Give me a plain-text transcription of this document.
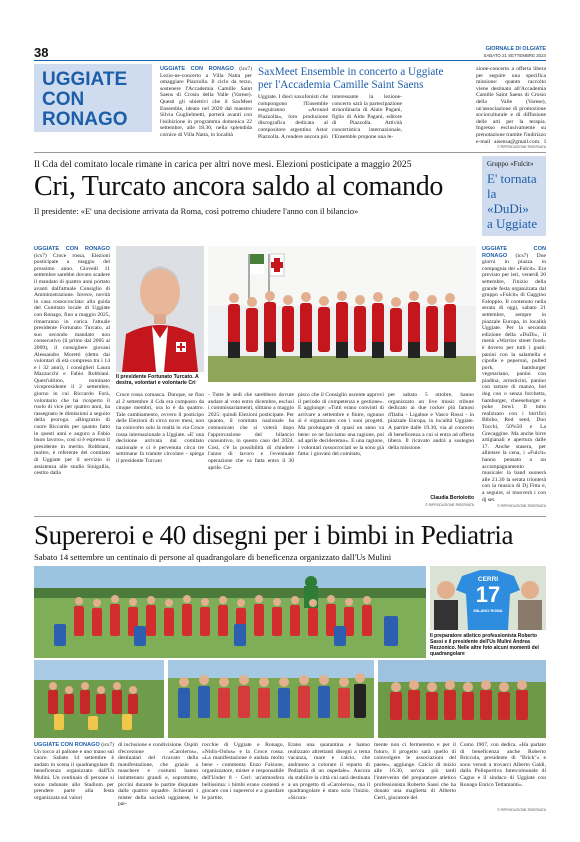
38	GIORNALE DI OLGIATE
SABATO 21 SETTEMBRE 2024
UGGIATE
CON
RONAGO
UGGIATE CON RONAGO (ics7) Lezio-ne-concerto a Villa Natta per omaggiare Piazzolla. Il ciclo da terzo, sostenere l'Accademia Camille Saint Saens di Crosio della Valle (Varese). Questi gli obiettivi che il SaxMeet Ensemble, ideato nel 2020 dal maestro Silvia Guglielmetti, porterà avanti con l'esibizione in programma domenica 22 settembre, alle 18.30, nella splendida cornice di Villa Natta, in località
SaxMeet Ensemble in concerto a Uggiate
per l'Accademia Camille Saint Saens
Uggiate. I dieci saxofonisti che compongono l'Ensemble eseguiranno «Around Piazzolla», loro produzione discografica dedicata al compositore argentino Astor Piazzolla. A rendere ancora più
interessante la lezione-concerto sarà la partecipazione straordinaria di Alain Pagani, figlio di Aldo Pagani, editore di Piazzolla. Attività concertistica internazionale, l'Ensemble propone una le-
zione-concerto a offerta libera per seguire una specifica missione: quanto raccolto viene destinato all'Accademia Camille Saint Saens di Crosio della Valle (Varese), un'associazione di promozione socioculturale e di diffusione delle arti per la terapia. Ingresso esclusivamente su prenotazione tramite l'indirizzo e-mail aisensa@gmail.com. I
© RIPRODUZIONE RISERVATA
Il Cda del comitato locale rimane in carica per altri nove mesi. Elezioni posticipate a maggio 2025
Cri, Turcato ancora saldo al comando
Il presidente: «E' una decisione arrivata da Roma, così potremo chiudere l'anno con il bilancio»
UGGIATE CON RONAGO (ics7) Croce rossa, Elezioni posticipate a maggio del prossimo anno. Giovedì 11 settembre sarebbe dovuto scadere il mandato di quattro anni portato avanti dall'attuale Consiglio di Amministrazione. Invece, novità in casa rossocrociata: alla guida del Comitato locale di Uggiate con Ronago, fino a maggio 2025, rimarranno in carica l'attuale presidente Fortunato Turcato, al suo secondo mandato non consecutivo (il primo dal 2005 al 2009), il consigliere giovani Alessandro Moretti (detto dai volontari di età compresa tra i 14 e i 32 anni), i consiglieri Laura Mazzucchi e Fabio Robbiani. Quest'ultimo, nominato vicepresidente il 2 settembre, giorno in cui Riccardo Forà, volontario che ha ricoperto il ruolo di vice per quattro anni, ha rassegnato le dimissioni a seguito della proroga. «Ringrazio di cuore Riccardo per quanto fatto in questi anni e auguro a Fabio buon lavoro», così si è espresso il presidente in merito. Robbiani, inoltre, è referente del comitato di Uggiate per il servizio si assistenza alle studio Sinigallia, cestito dalla
Il presidente Fortunato Turcato. A destra, volontari e volontarie Cri
Croce rossa comasca. Dunque, se fino al 2 settembre il Cda era composto da cinque membri, ora lo è da quattro. Tale cambiamento, ovvero il posticipo delle Elezioni di circa nove mesi, non ha coinvolto solo la realtà in via Croce rossa internazionale a Uggiate. «E' una decisione arrivata dal comitato nazionale e ci è pervenuta circa tre settimane fa tramite circolare - spiega il presidente Turcato
- Tutte le sedi che sarebbero dovute andare al voto entro dicembre, esclusi i commissariamenti, slittano a maggio 2025: quindi Elezioni posticipate. Per quanto, il comitato nazionale ha comunicato che si voterà dopo l'approvazione del bilancio consuntivo, in questo caso del 2024. Così, c'è la possibilità di chiudere l'anno di lavoro e l'eventuale operazione che va fatta entro il 30 aprile. Ca-
pisco che il Consiglio uscente approvi il periodo di competenza e gestione». E aggiunge: «Tutti erano convinti di arrivare a settembre e finire, ognuno si è organizzato con i suoi progetti. Ma prolungare di quasi un anno va bene: ce ne facciamo una ragione, poi ad aprile decideremo». E una ragione, i volontari rossocrociati se la sono già fatta: i giovani del comitato,
per sabato 5 ottobre, hanno organizzato un live music tribute dedicato ai due rocker più famosi d'Italia - Ligabue e Vasco Rossi - in piazzale Europa, in località Uggiate. A partire dalle 19.30, via al concerto di beneficenza a cui si entra ad offerta libera. Il ricavato andrà a sostegno della missione.
Claudia Bortolotto
© RIPRODUZIONE RISERVATA
Gruppo «Fulcit»
E' tornata
la «DuDi»
a Uggiate
UGGIATE CON RONAGO (ics7) Due giorni in piazza in compagnia dei «Fulcit». Era previsto per ieri, venerdì 20 settembre, l'inizio della grande festa organizzata dal gruppo «Fulcit» di Gaggino Faloppio. Il contenuto nella serata di oggi, sabato 21 settembre, sempre in piazzale Europa, in località Uggiate. Per la seconda edizione della «DuDi», il menù «Warrior street food» è dovero per tutti i gusti: panini con la salamella e cipolle e peperoni, pulled pork, hamburger vegetariano, panini con piadina, arrosticini, panino con tartare di manzo, hot dog con o senza forchetta, hamburger, cheeseburger e poke bowl. Il tutto realizzato con i birrifici Bibibo, Red seed, Duo Tocchi, 50%50 e La Grecaggine. Ma anche birre artigianali e apertura dalle 17. Anche stasera, per allietare la cena, i «Fulcit» hanno pensato a un accompagnamento musicale: la band suonerà alle 21.30 la serata trionterà con la musica di Dj Fitta e, a seguire, si muoverà i con dj set.
© RIPRODUZIONE RISERVATA
Supereroi e 40 disegni per i bimbi in Pediatria
Sabato 14 settembre un centinaio di persone al quadrangolare di beneficenza organizzato dall'Us Mulini
CERRI
17
MILANO ROMA
Il preparatore atletico professionista Roberto Sassi e il presidente dell'Us Mulini Andrea Rezzonico. Nelle altre foto alcuni momenti del quadrangolare
UGGIATE CON RONAGO (ics7) Un tocco al pallone e uno mano sul cuore. Sabato 14 settembre è andato in scena il quadrangolare di beneficenza organizzato dall'Us Mulini. Un centinaio di persone si sono radunate allo Stadium per prendere parte alla festa organizzata sui valori
di inclusione e condivisione. Ospiti d'eccezione «Caroleros», destinatari del ricavato della manifestazione, che grazie a maschere e costumi hanno intrattenuto grandi e, soprattutto, piccini durante le partite disputate dalle quattro squadre. Schierati i mister della società uggiatese, le par-
rocchie di Uggiate e Ronago, «Nidix-Onlus» e la Croce rossa. «La manifestazione è andata molto bene - commenta Enzo Falzone, organizzatore, mister e responsabile dell'Under 8 - Ceri: un'atmosfera bellissima: i bimbi erano contenti e giocare con i supereroi e a guardare le partite.
Erano una quarantina e hanno realizzato altrettanti disegni a tema vacanza, mare e calcio, che andranno a colorare il reparto di Pediatria di un ospedale». Ancora da stabilire la città cui sarà destinata a un progetto di «Caroleros», ma il quadrangolare è stato solo l'inizio. «Sicura-
mente non ci fermeremo e per il futuro, il progetto sarà quello di coinvolgere le associazioni del paese», aggiunge. Calcio di inizio alle 16.30, un'ora più tardi l'intervento del preparatore atletico professionista Roberto Sassi che ha donato una maglietta di Alberto Cerri, giocatore del
Como 1907, con dedica. «Ha parlato di beneficenza anche Roberto Briccola, presidente di "Brick"» e sono venuti a trovarci Alberto Galdi, dalla Polisportiva Intercomunale di Cagno e il sindaco di Uggiate con Ronago Enrico Tettamanti».
© RIPRODUZIONE RISERVATA
